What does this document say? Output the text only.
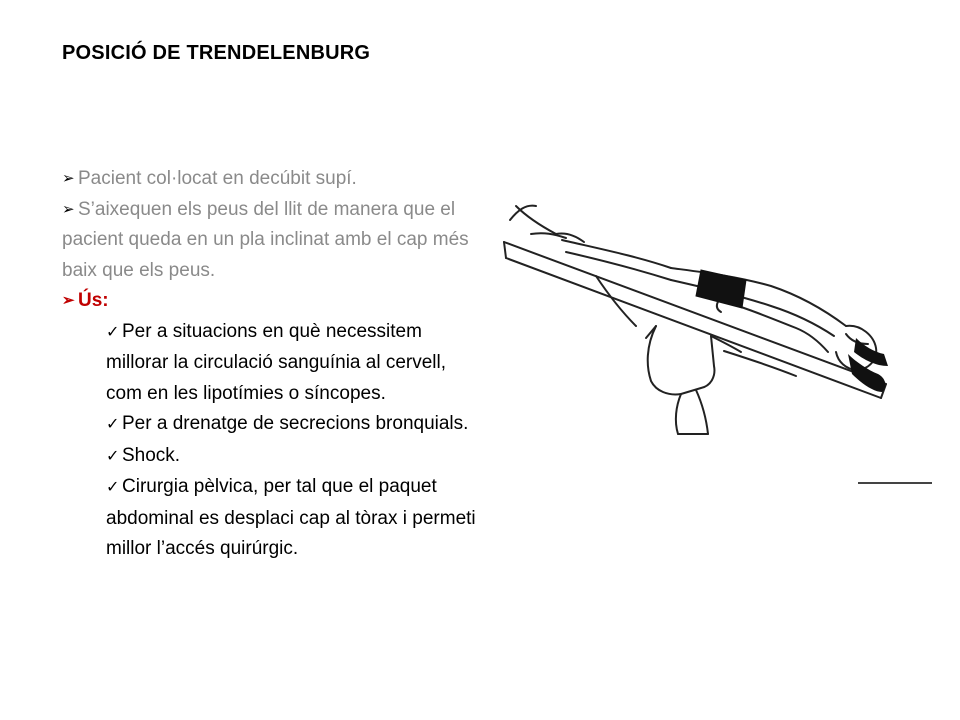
POSICIÓ DE TRENDELENBURG
➢ Pacient col·locat en decúbit supí.
➢ S’aixequen els peus del llit de manera que el pacient queda en un pla inclinat amb el cap més baix que els peus.
➢ Ús:
✓ Per a situacions en què necessitem millorar la circulació sanguínia al cervell, com en les lipotímies o síncopes.
✓ Per a drenatge de secrecions bronquials.
✓ Shock.
✓ Cirurgia pèlvica, per tal que el paquet abdominal es desplaci cap al tòrax i permeti millor l’accés quirúrgic.
